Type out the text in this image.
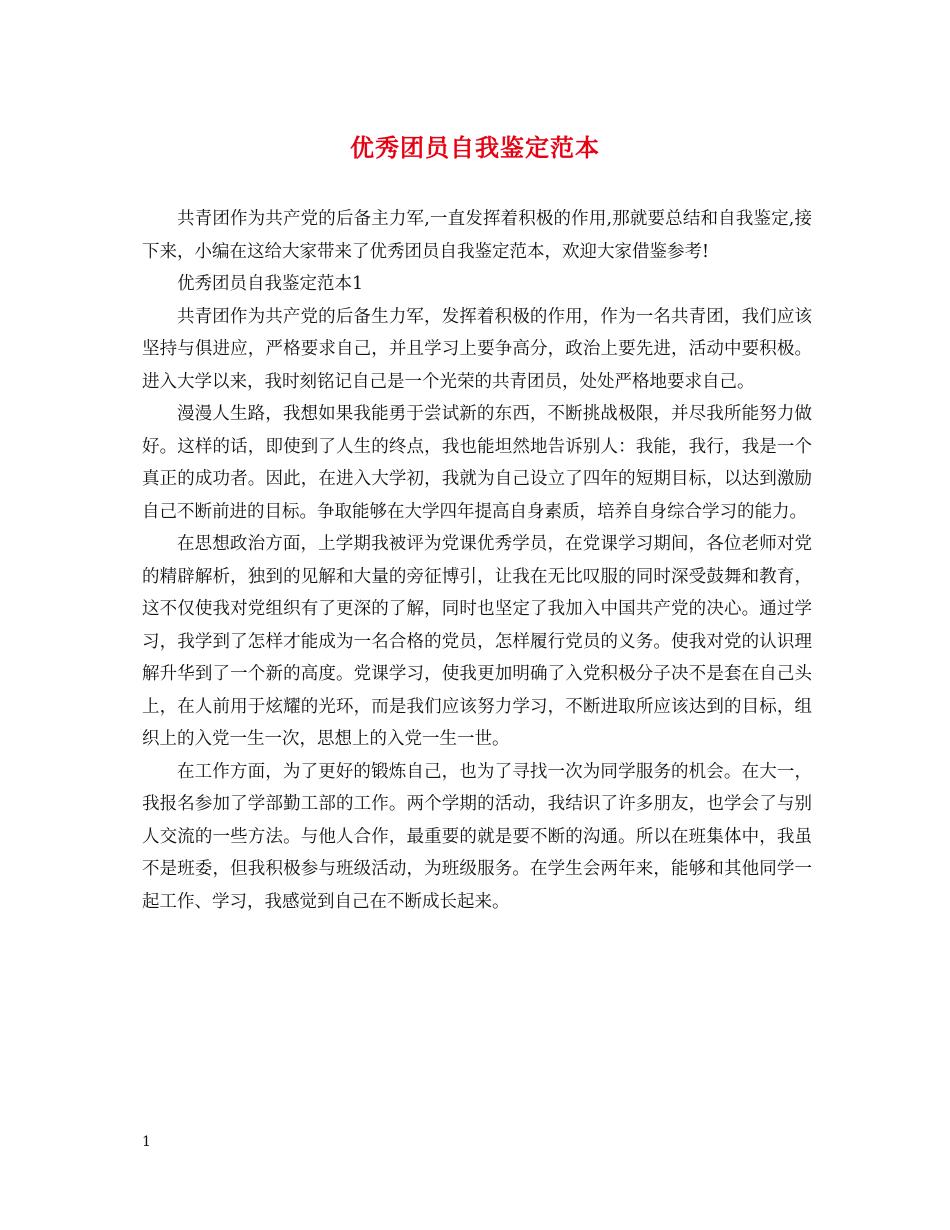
优秀团员自我鉴定范本

共青团作为共产党的后备主力军,一直发挥着积极的作用,那就要总结和自我鉴定,接下来，小编在这给大家带来了优秀团员自我鉴定范本，欢迎大家借鉴参考!

优秀团员自我鉴定范本1

共青团作为共产党的后备生力军，发挥着积极的作用，作为一名共青团，我们应该坚持与俱进应，严格要求自己，并且学习上要争高分，政治上要先进，活动中要积极。进入大学以来，我时刻铭记自己是一个光荣的共青团员，处处严格地要求自己。

漫漫人生路，我想如果我能勇于尝试新的东西，不断挑战极限，并尽我所能努力做好。这样的话，即使到了人生的终点，我也能坦然地告诉别人：我能，我行，我是一个真正的成功者。因此，在进入大学初，我就为自己设立了四年的短期目标，以达到激励自己不断前进的目标。争取能够在大学四年提高自身素质，培养自身综合学习的能力。

在思想政治方面，上学期我被评为党课优秀学员，在党课学习期间，各位老师对党的精辟解析，独到的见解和大量的旁征博引，让我在无比叹服的同时深受鼓舞和教育，这不仅使我对党组织有了更深的了解，同时也坚定了我加入中国共产党的决心。通过学习，我学到了怎样才能成为一名合格的党员，怎样履行党员的义务。使我对党的认识理解升华到了一个新的高度。党课学习，使我更加明确了入党积极分子决不是套在自己头上，在人前用于炫耀的光环，而是我们应该努力学习，不断进取所应该达到的目标，组织上的入党一生一次，思想上的入党一生一世。

在工作方面，为了更好的锻炼自己，也为了寻找一次为同学服务的机会。在大一，我报名参加了学部勤工部的工作。两个学期的活动，我结识了许多朋友，也学会了与别人交流的一些方法。与他人合作，最重要的就是要不断的沟通。所以在班集体中，我虽不是班委，但我积极参与班级活动，为班级服务。在学生会两年来，能够和其他同学一起工作、学习，我感觉到自己在不断成长起来。

1
